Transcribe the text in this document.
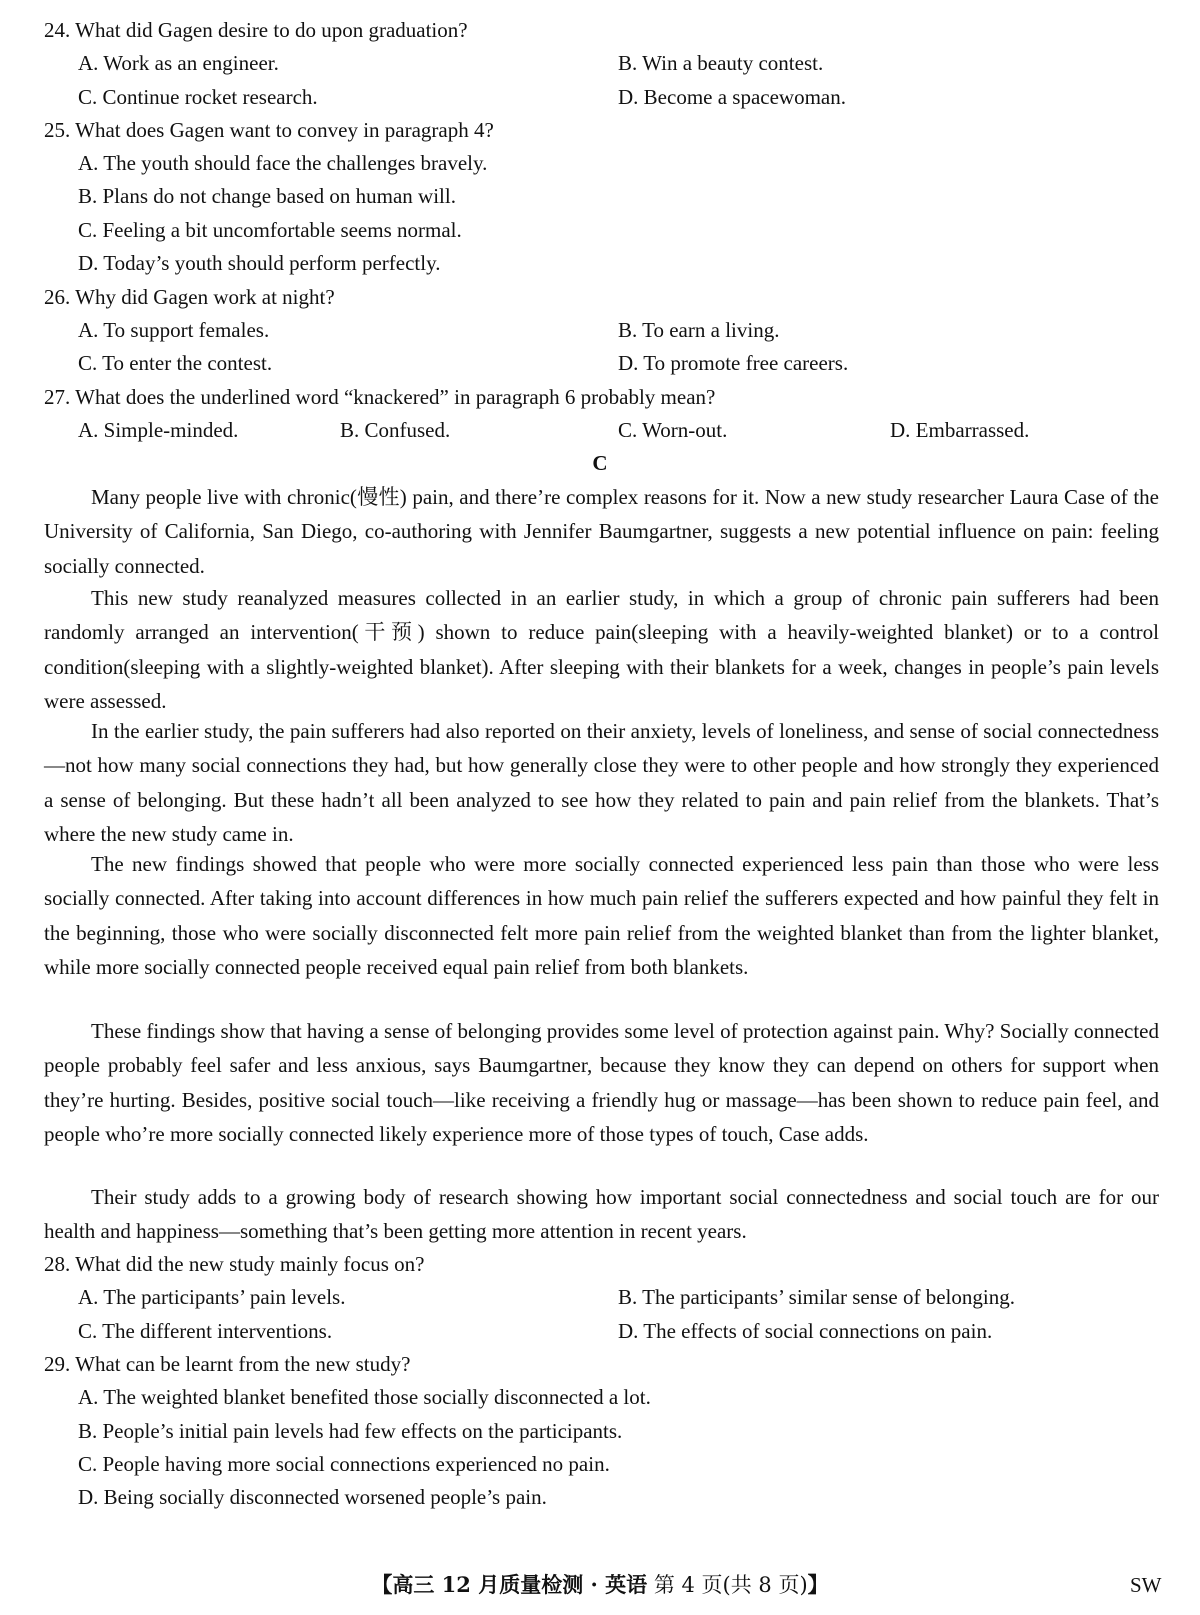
24. What did Gagen desire to do upon graduation?
A. Work as an engineer.	B. Win a beauty contest.
C. Continue rocket research.	D. Become a spacewoman.
25. What does Gagen want to convey in paragraph 4?
A. The youth should face the challenges bravely.
B. Plans do not change based on human will.
C. Feeling a bit uncomfortable seems normal.
D. Today’s youth should perform perfectly.
26. Why did Gagen work at night?
A. To support females.	B. To earn a living.
C. To enter the contest.	D. To promote free careers.
27. What does the underlined word “knackered” in paragraph 6 probably mean?
A. Simple-minded.	B. Confused.	C. Worn-out.	D. Embarrassed.
C

Many people live with chronic(慢性) pain, and there’re complex reasons for it. Now a new study researcher Laura Case of the University of California, San Diego, co-authoring with Jennifer Baumgartner, suggests a new potential influence on pain: feeling socially connected.

This new study reanalyzed measures collected in an earlier study, in which a group of chronic pain sufferers had been randomly arranged an intervention(干预) shown to reduce pain(sleeping with a heavily-weighted blanket) or to a control condition(sleeping with a slightly-weighted blanket). After sleeping with their blankets for a week, changes in people’s pain levels were assessed.

In the earlier study, the pain sufferers had also reported on their anxiety, levels of loneliness, and sense of social connectedness—not how many social connections they had, but how generally close they were to other people and how strongly they experienced a sense of belonging. But these hadn’t all been analyzed to see how they related to pain and pain relief from the blankets. That’s where the new study came in.

The new findings showed that people who were more socially connected experienced less pain than those who were less socially connected. After taking into account differences in how much pain relief the sufferers expected and how painful they felt in the beginning, those who were socially disconnected felt more pain relief from the weighted blanket than from the lighter blanket, while more socially connected people received equal pain relief from both blankets.

These findings show that having a sense of belonging provides some level of protection against pain. Why? Socially connected people probably feel safer and less anxious, says Baumgartner, because they know they can depend on others for support when they’re hurting. Besides, positive social touch—like receiving a friendly hug or massage—has been shown to reduce pain feel, and people who’re more socially connected likely experience more of those types of touch, Case adds.

Their study adds to a growing body of research showing how important social connectedness and social touch are for our health and happiness—something that’s been getting more attention in recent years.

28. What did the new study mainly focus on?
A. The participants’ pain levels.	B. The participants’ similar sense of belonging.
C. The different interventions.	D. The effects of social connections on pain.
29. What can be learnt from the new study?
A. The weighted blanket benefited those socially disconnected a lot.
B. People’s initial pain levels had few effects on the participants.
C. People having more social connections experienced no pain.
D. Being socially disconnected worsened people’s pain.
【高三 12 月质量检测 · 英语 第 4 页(共 8 页)】	SW
